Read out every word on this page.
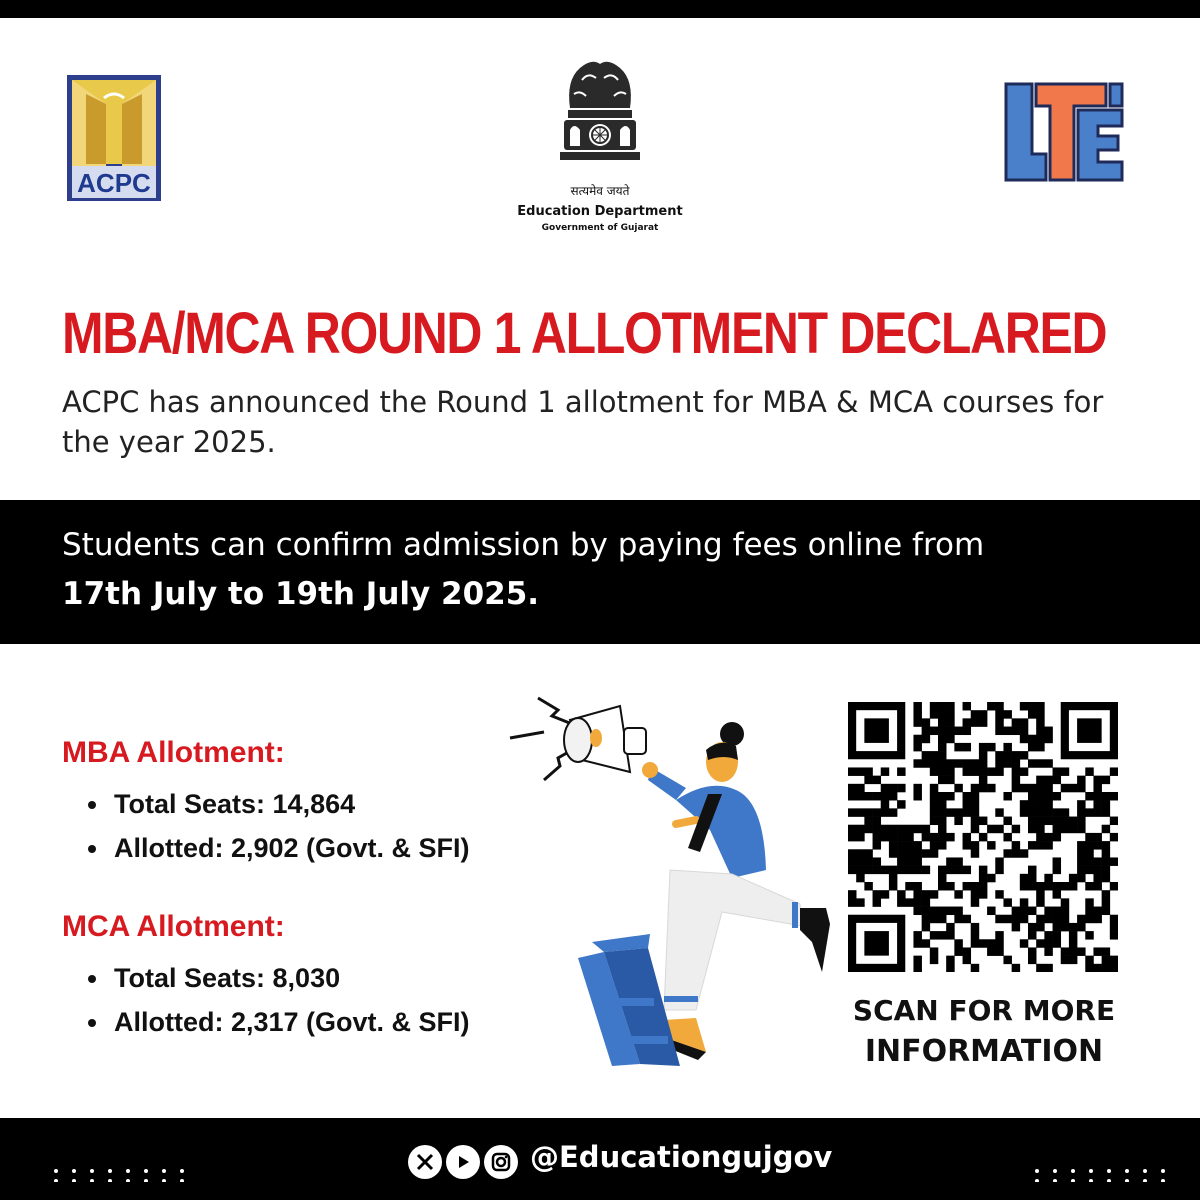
ACPC	सत्यमेव जयते
Education Department
Government of Gujarat
MBA/MCA ROUND 1 ALLOTMENT DECLARED
ACPC has announced the Round 1 allotment for MBA & MCA courses for the year 2025.
Students can confirm admission by paying fees online from
17th July to 19th July 2025.
MBA Allotment:
Total Seats: 14,864
Allotted: 2,902 (Govt. & SFI)
MCA Allotment:
Total Seats: 8,030
Allotted: 2,317 (Govt. & SFI)	SCAN FOR MORE
INFORMATION
@Educationgujgov
